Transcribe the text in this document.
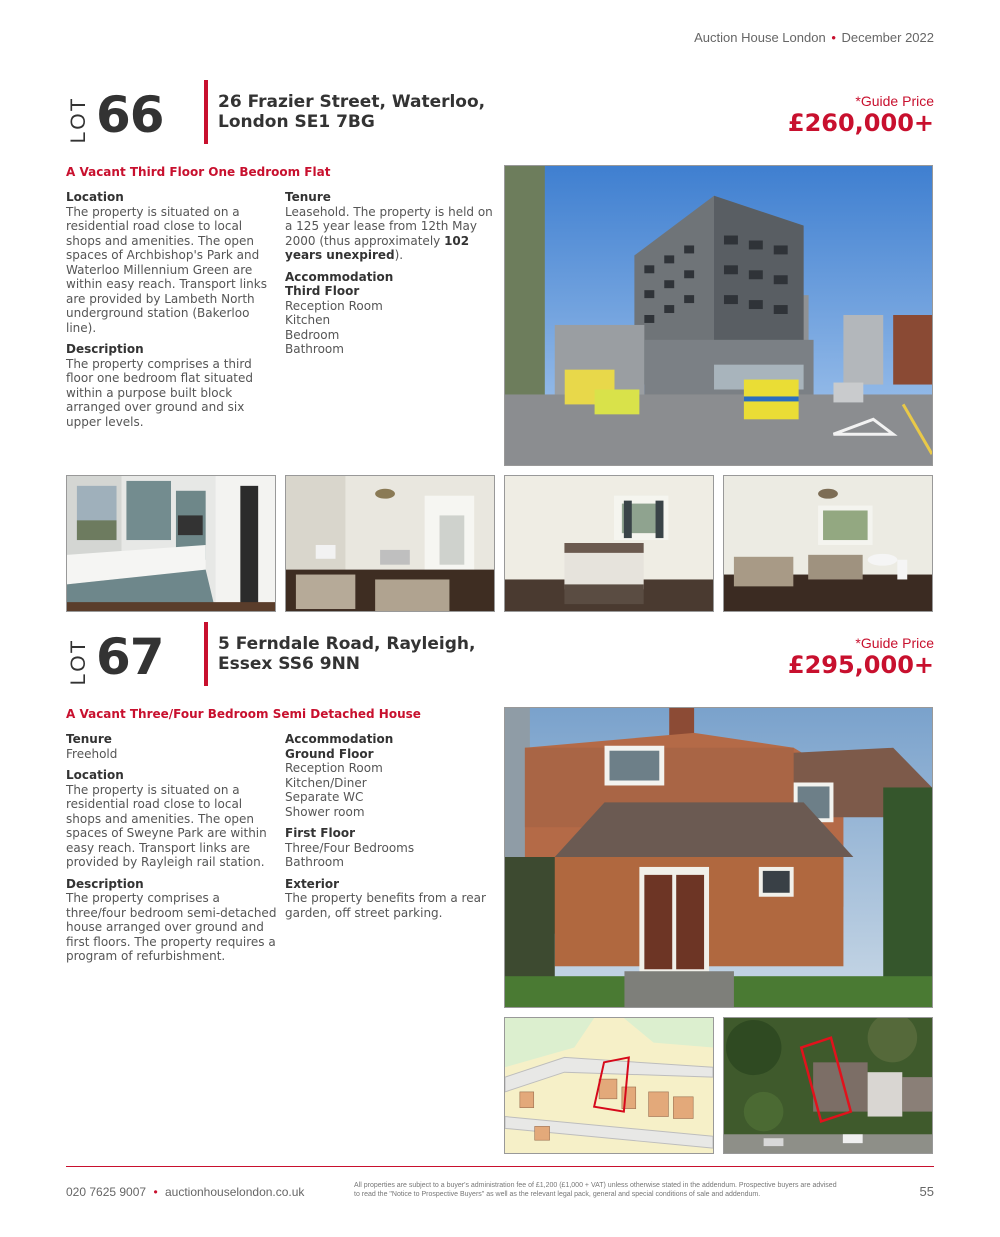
Auction House London • December 2022
LOT 66	26 Frazier Street, Waterloo,
London SE1 7BG
*Guide Price
£260,000+
A Vacant Third Floor One Bedroom Flat
Location

The property is situated on a residential road close to local shops and amenities. The open spaces of Archbishop's Park and Waterloo Millennium Green are within easy reach. Transport links are provided by Lambeth North underground station (Bakerloo line).

Description

The property comprises a third floor one bedroom flat situated within a purpose built block arranged over ground and six upper levels.

Tenure

Leasehold. The property is held on a 125 year lease from 12th May 2000 (thus approximately 102 years unexpired).

Accommodation
Third Floor

Reception Room

Kitchen

Bedroom

Bathroom

LOT 67	5 Ferndale Road, Rayleigh,
Essex SS6 9NN
*Guide Price
£295,000+
A Vacant Three/Four Bedroom Semi Detached House
Tenure

Freehold

Location

The property is situated on a residential road close to local shops and amenities. The open spaces of Sweyne Park are within easy reach. Transport links are provided by Rayleigh rail station.

Description

The property comprises a three/four bedroom semi-detached house arranged over ground and first floors. The property requires a program of refurbishment.

Accommodation
Ground Floor

Reception Room

Kitchen/Diner

Separate WC

Shower room

First Floor

Three/Four Bedrooms

Bathroom

Exterior

The property benefits from a rear garden, off street parking.

020 7625 9007 • auctionhouselondon.co.uk	All properties are subject to a buyer's administration fee of £1,200 (£1,000 + VAT) unless otherwise stated in the addendum. Prospective buyers are advised to read the "Notice to Prospective Buyers" as well as the relevant legal pack, general and special conditions of sale and addendum.	55
